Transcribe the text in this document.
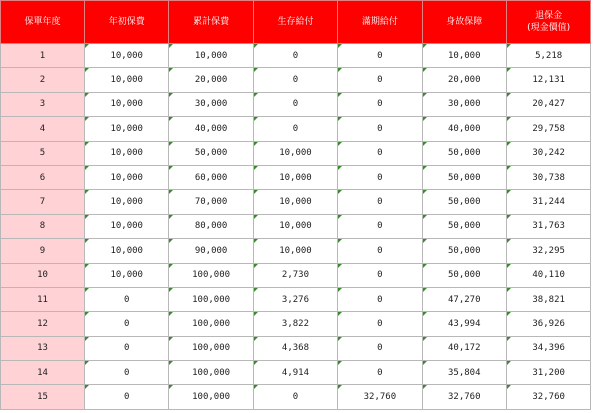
保單年度	年初保費	累計保費	生存給付	滿期給付	身故保障	退保金
(現金價值)
1	10,000	10,000	0	0	10,000	5,218
2	10,000	20,000	0	0	20,000	12,131
3	10,000	30,000	0	0	30,000	20,427
4	10,000	40,000	0	0	40,000	29,758
5	10,000	50,000	10,000	0	50,000	30,242
6	10,000	60,000	10,000	0	50,000	30,738
7	10,000	70,000	10,000	0	50,000	31,244
8	10,000	80,000	10,000	0	50,000	31,763
9	10,000	90,000	10,000	0	50,000	32,295
10	10,000	100,000	2,730	0	50,000	40,110
11	0	100,000	3,276	0	47,270	38,821
12	0	100,000	3,822	0	43,994	36,926
13	0	100,000	4,368	0	40,172	34,396
14	0	100,000	4,914	0	35,804	31,200
15	0	100,000	0	32,760	32,760	32,760
